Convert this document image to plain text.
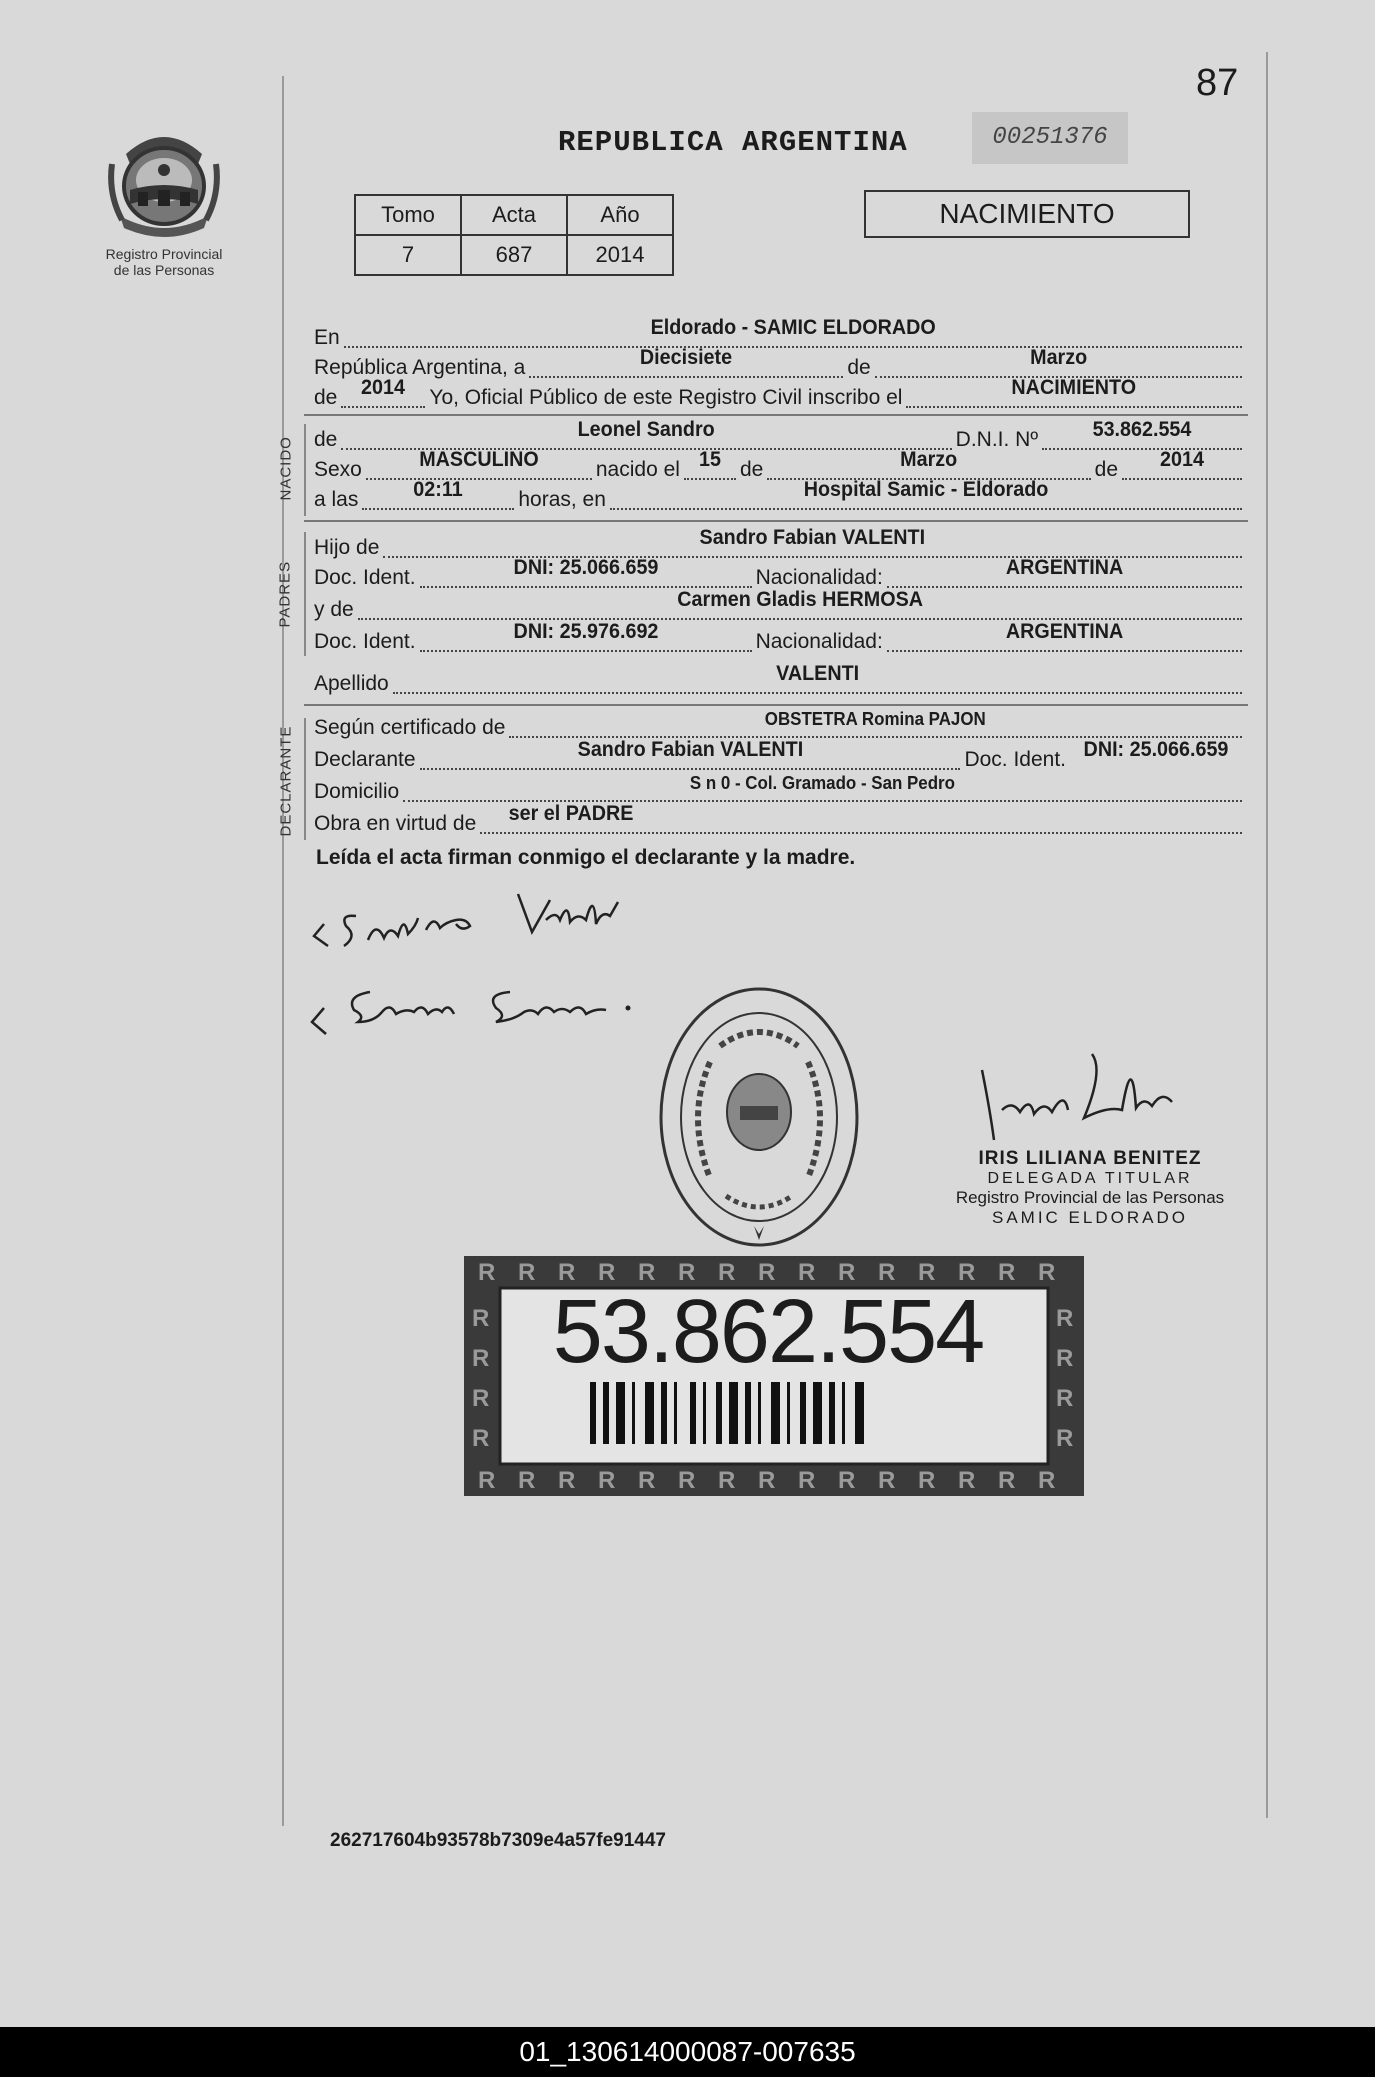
87
Registro Provincial
de las Personas
REPUBLICA ARGENTINA	00251376
Tomo	Acta	Año
7	687	2014
NACIMIENTO
En	Eldorado - SAMIC ELDORADO
República Argentina, a	Diecisiete	de	Marzo
de	2014	Yo, Oficial Público de este Registro Civil inscribo el	NACIMIENTO
NACIDO de	Leonel Sandro	D.N.I. Nº	53.862.554
Sexo	MASCULINO	nacido el 15 de	Marzo	de	2014
a las	02:11	horas, en	Hospital Samic - Eldorado
PADRES
Hijo de	Sandro Fabian VALENTI
Doc. Ident.	DNI: 25.066.659	Nacionalidad:	ARGENTINA
y de	Carmen Gladis HERMOSA
Doc. Ident.	DNI: 25.976.692	Nacionalidad:	ARGENTINA
Apellido	VALENTI
DECLARANTE Según certificado de	OBSTETRA Romina PAJON
Declarante	Sandro Fabian VALENTI	Doc. Ident. DNI: 25.066.659
Domicilio	S n 0 - Col. Gramado - San Pedro
Obra en virtud de ser el PADRE
Leída el acta firman conmigo el declarante y la madre.
IRIS LILIANA BENITEZ
DELEGADA TITULAR
Registro Provincial de las Personas
SAMIC ELDORADO
R
R
R
R
R
R
R
R
R
R
R
R
R
R
R
R
R
R
R
R
R
R
R
R
R
R
R
R
R
R
R	R
R	R
R	R
R	R
53.862.554
262717604b93578b7309e4a57fe91447
01_130614000087-007635
